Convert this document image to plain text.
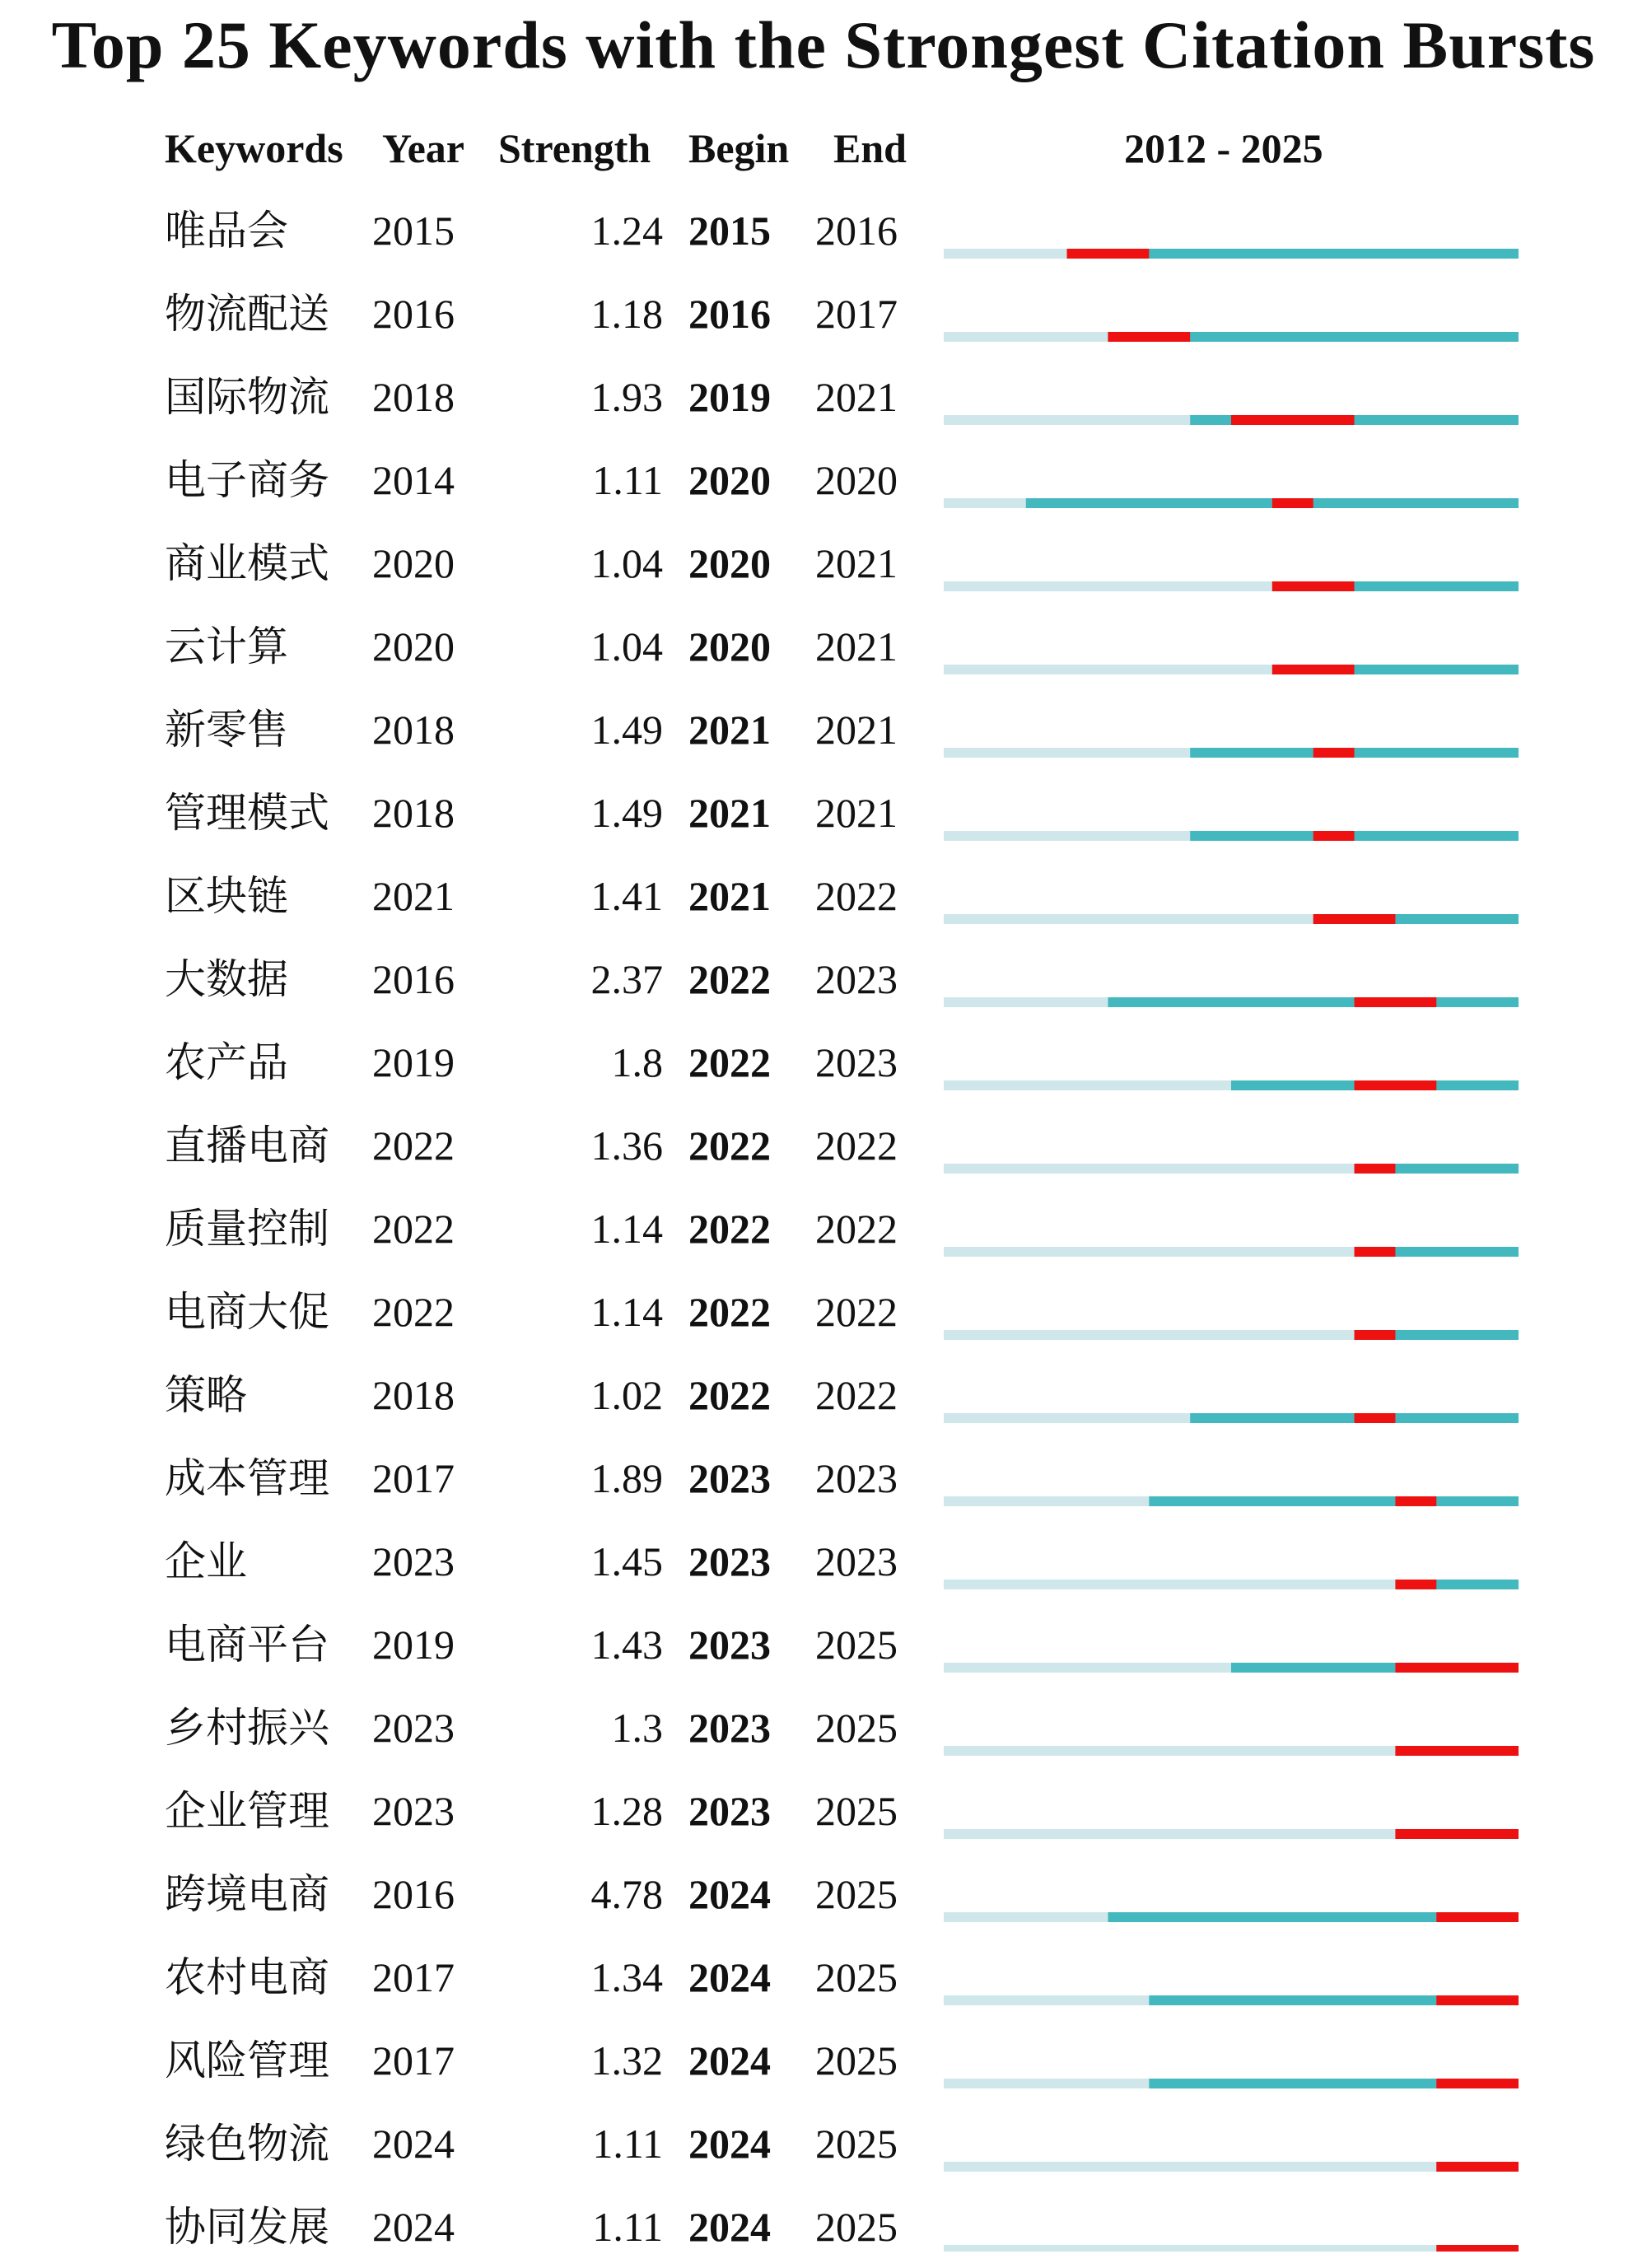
Top 25 Keywords with the Strongest Citation Bursts
Keywords Year Strength Begin End	2012 - 2025
唯品会 2015	1.24 2015 2016
物流配送 2016	1.18 2016 2017
国际物流 2018	1.93 2019 2021
电子商务 2014	1.11 2020 2020
商业模式 2020	1.04 2020 2021
云计算 2020	1.04 2020 2021
新零售 2018	1.49 2021 2021
管理模式 2018	1.49 2021 2021
区块链 2021	1.41 2021 2022
大数据 2016	2.37 2022 2023
农产品 2019	1.8 2022 2023
直播电商 2022	1.36 2022 2022
质量控制 2022	1.14 2022 2022
电商大促 2022	1.14 2022 2022
策略	2018	1.02 2022 2022
成本管理 2017	1.89 2023 2023
企业	2023	1.45 2023 2023
电商平台 2019	1.43 2023 2025
乡村振兴 2023	1.3 2023 2025
企业管理 2023	1.28 2023 2025
跨境电商 2016	4.78 2024 2025
农村电商 2017	1.34 2024 2025
风险管理 2017	1.32 2024 2025
绿色物流 2024	1.11 2024 2025
协同发展 2024	1.11 2024 2025
